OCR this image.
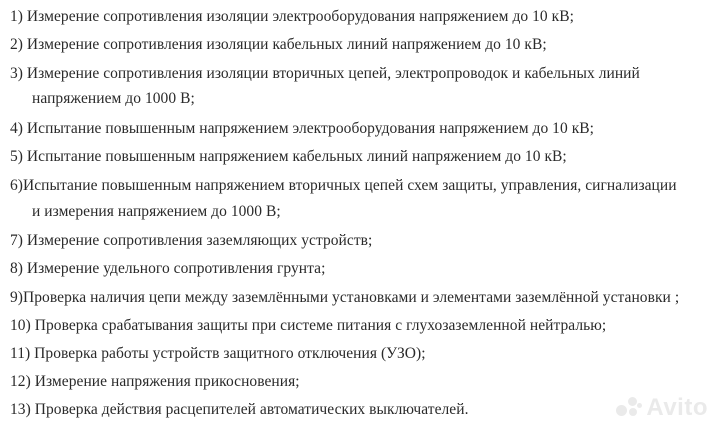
1) Измерение сопротивления изоляции электрооборудования напряжением до 10 кВ;
2) Измерение сопротивления изоляции кабельных линий напряжением до 10 кВ;
3) Измерение сопротивления изоляции вторичных цепей, электропроводок и кабельных линий
напряжением до 1000 В;
4) Испытание повышенным напряжением электрооборудования напряжением до 10 кВ;
5) Испытание повышенным напряжением кабельных линий напряжением до 10 кВ;
6)Испытание повышенным напряжением вторичных цепей схем защиты, управления, сигнализации
и измерения напряжением до 1000 В;
7) Измерение сопротивления заземляющих устройств;
8) Измерение удельного сопротивления грунта;
9)Проверка наличия цепи между заземлёнными установками и элементами заземлённой установки ;
10) Проверка срабатывания защиты при системе питания с глухозаземленной нейтралью;
11) Проверка работы устройств защитного отключения (УЗО);
12) Измерение напряжения прикосновения;
13) Проверка действия расцепителей автоматических выключателей.	Avito
